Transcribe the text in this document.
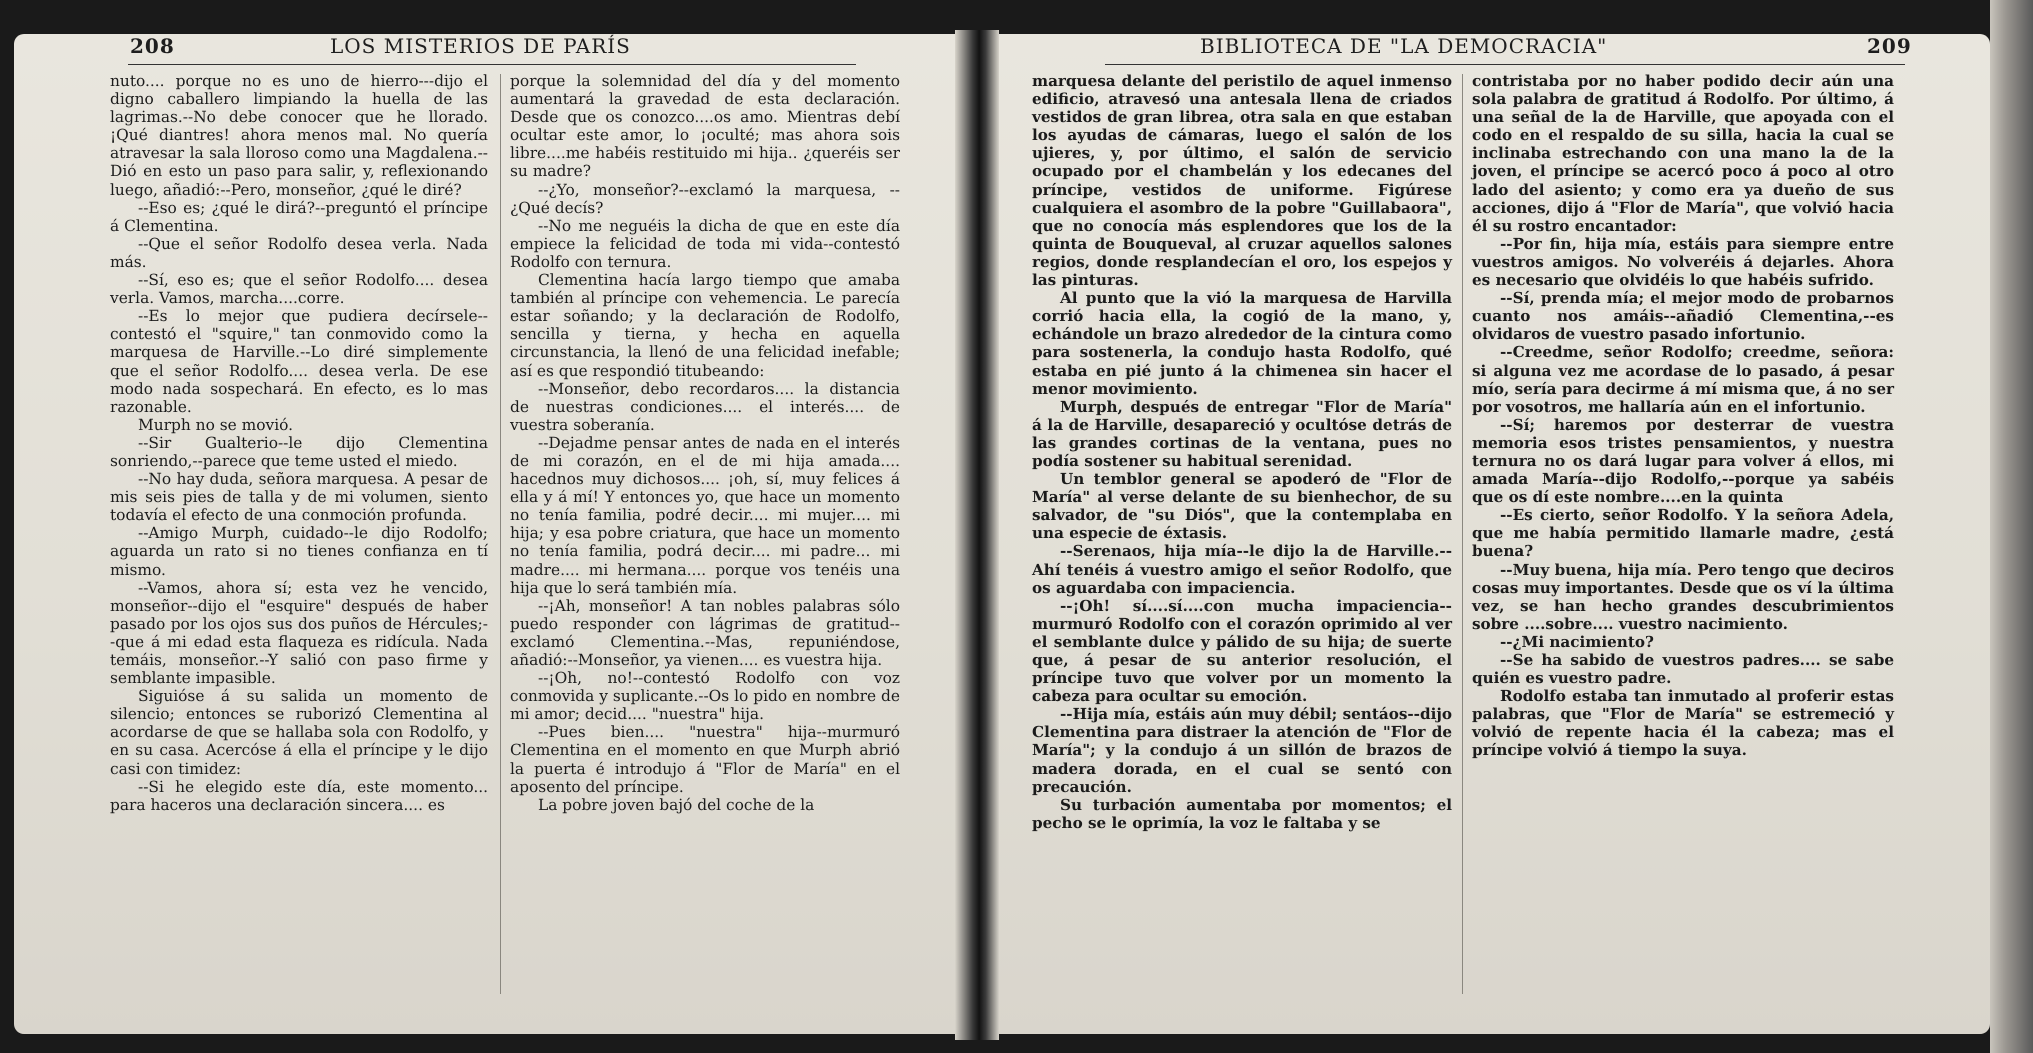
208	LOS MISTERIOS DE PARÍS

nuto.... porque no es uno de hierro---dijo el digno caballero limpiando la huella de las lagrimas.--No debe conocer que he llorado. ¡Qué diantres! ahora menos mal. No quería atravesar la sala lloroso como una Magdalena.--Dió en esto un paso para salir, y, reflexionando luego, añadió:--Pero, monseñor, ¿qué le diré?

--Eso es; ¿qué le dirá?--preguntó el príncipe á Clementina.

--Que el señor Rodolfo desea verla. Nada más.

--Sí, eso es; que el señor Rodolfo.... desea verla. Vamos, marcha....corre.

--Es lo mejor que pudiera decírsele--contestó el "squire," tan conmovido como la marquesa de Harville.--Lo diré simplemente que el señor Rodolfo.... desea verla. De ese modo nada sospechará. En efecto, es lo mas razonable.

Murph no se movió.

--Sir Gualterio--le dijo Clementina sonriendo,--parece que teme usted el miedo.

--No hay duda, señora marquesa. A pesar de mis seis pies de talla y de mi volumen, siento todavía el efecto de una conmoción profunda.

--Amigo Murph, cuidado--le dijo Rodolfo; aguarda un rato si no tienes confianza en tí mismo.

--Vamos, ahora sí; esta vez he vencido, monseñor--dijo el "esquire" después de haber pasado por los ojos sus dos puños de Hércules;--que á mi edad esta flaqueza es ridícula. Nada temáis, monseñor.--Y salió con paso firme y semblante impasible.

Siguióse á su salida un momento de silencio; entonces se ruborizó Clementina al acordarse de que se hallaba sola con Rodolfo, y en su casa. Acercóse á ella el príncipe y le dijo casi con timidez:

--Si he elegido este día, este momento... para haceros una declaración sincera.... es

porque la solemnidad del día y del momento aumentará la gravedad de esta declaración. Desde que os conozco....os amo. Mientras debí ocultar este amor, lo ¡oculté; mas ahora sois libre....me habéis restituido mi hija.. ¿queréis ser su madre?

--¿Yo, monseñor?--exclamó la marquesa, --¿Qué decís?

--No me neguéis la dicha de que en este día empiece la felicidad de toda mi vida--contestó Rodolfo con ternura.

Clementina hacía largo tiempo que amaba también al príncipe con vehemencia. Le parecía estar soñando; y la declaración de Rodolfo, sencilla y tierna, y hecha en aquella circunstancia, la llenó de una felicidad inefable; así es que respondió titubeando:

--Monseñor, debo recordaros.... la distancia de nuestras condiciones.... el interés.... de vuestra soberanía.

--Dejadme pensar antes de nada en el interés de mi corazón, en el de mi hija amada.... hacednos muy dichosos.... ¡oh, sí, muy felices á ella y á mí! Y entonces yo, que hace un momento no tenía familia, podré decir.... mi mujer.... mi hija; y esa pobre criatura, que hace un momento no tenía familia, podrá decir.... mi padre... mi madre.... mi hermana.... porque vos tenéis una hija que lo será también mía.

--¡Ah, monseñor! A tan nobles palabras sólo puedo responder con lágrimas de gratitud--exclamó Clementina.--Mas, repuniéndose, añadió:--Monseñor, ya vienen.... es vuestra hija.

--¡Oh, no!--contestó Rodolfo con voz conmovida y suplicante.--Os lo pido en nombre de mi amor; decid.... "nuestra" hija.

--Pues bien.... "nuestra" hija--murmuró Clementina en el momento en que Murph abrió la puerta é introdujo á "Flor de María" en el aposento del príncipe.

La pobre joven bajó del coche de la

BIBLIOTECA DE "LA DEMOCRACIA"	209

marquesa delante del peristilo de aquel inmenso edificio, atravesó una antesala llena de criados vestidos de gran librea, otra sala en que estaban los ayudas de cámaras, luego el salón de los ujieres, y, por último, el salón de servicio ocupado por el chambelán y los edecanes del príncipe, vestidos de uniforme. Figúrese cualquiera el asombro de la pobre "Guillabaora", que no conocía más esplendores que los de la quinta de Bouqueval, al cruzar aquellos salones regios, donde resplandecían el oro, los espejos y las pinturas.

Al punto que la vió la marquesa de Harvilla corrió hacia ella, la cogió de la mano, y, echándole un brazo alrededor de la cintura como para sostenerla, la condujo hasta Rodolfo, qué estaba en pié junto á la chimenea sin hacer el menor movimiento.

Murph, después de entregar "Flor de María" á la de Harville, desapareció y ocultóse detrás de las grandes cortinas de la ventana, pues no podía sostener su habitual serenidad.

Un temblor general se apoderó de "Flor de María" al verse delante de su bienhechor, de su salvador, de "su Diós", que la contemplaba en una especie de éxtasis.

--Serenaos, hija mía--le dijo la de Harville.--Ahí tenéis á vuestro amigo el señor Rodolfo, que os aguardaba con impaciencia.

--¡Oh! sí....sí....con mucha impaciencia--murmuró Rodolfo con el corazón oprimido al ver el semblante dulce y pálido de su hija; de suerte que, á pesar de su anterior resolución, el príncipe tuvo que volver por un momento la cabeza para ocultar su emoción.

--Hija mía, estáis aún muy débil; sentáos--dijo Clementina para distraer la atención de "Flor de María"; y la condujo á un sillón de brazos de madera dorada, en el cual se sentó con precaución.

Su turbación aumentaba por momentos; el pecho se le oprimía, la voz le faltaba y se

contristaba por no haber podido decir aún una sola palabra de gratitud á Rodolfo. Por último, á una señal de la de Harville, que apoyada con el codo en el respaldo de su silla, hacia la cual se inclinaba estrechando con una mano la de la joven, el príncipe se acercó poco á poco al otro lado del asiento; y como era ya dueño de sus acciones, dijo á "Flor de María", que volvió hacia él su rostro encantador:

--Por fin, hija mía, estáis para siempre entre vuestros amigos. No volveréis á dejarles. Ahora es necesario que olvidéis lo que habéis sufrido.

--Sí, prenda mía; el mejor modo de probarnos cuanto nos amáis--añadió Clementina,--es olvidaros de vuestro pasado infortunio.

--Creedme, señor Rodolfo; creedme, señora: si alguna vez me acordase de lo pasado, á pesar mío, sería para decirme á mí misma que, á no ser por vosotros, me hallaría aún en el infortunio.

--Sí; haremos por desterrar de vuestra memoria esos tristes pensamientos, y nuestra ternura no os dará lugar para volver á ellos, mi amada María--dijo Rodolfo,--porque ya sabéis que os dí este nombre....en la quinta

--Es cierto, señor Rodolfo. Y la señora Adela, que me había permitido llamarle madre, ¿está buena?

--Muy buena, hija mía. Pero tengo que deciros cosas muy importantes. Desde que os ví la última vez, se han hecho grandes descubrimientos sobre ....sobre.... vuestro nacimiento.

--¿Mi nacimiento?

--Se ha sabido de vuestros padres.... se sabe quién es vuestro padre.

Rodolfo estaba tan inmutado al proferir estas palabras, que "Flor de María" se estremeció y volvió de repente hacia él la cabeza; mas el príncipe volvió á tiempo la suya.
